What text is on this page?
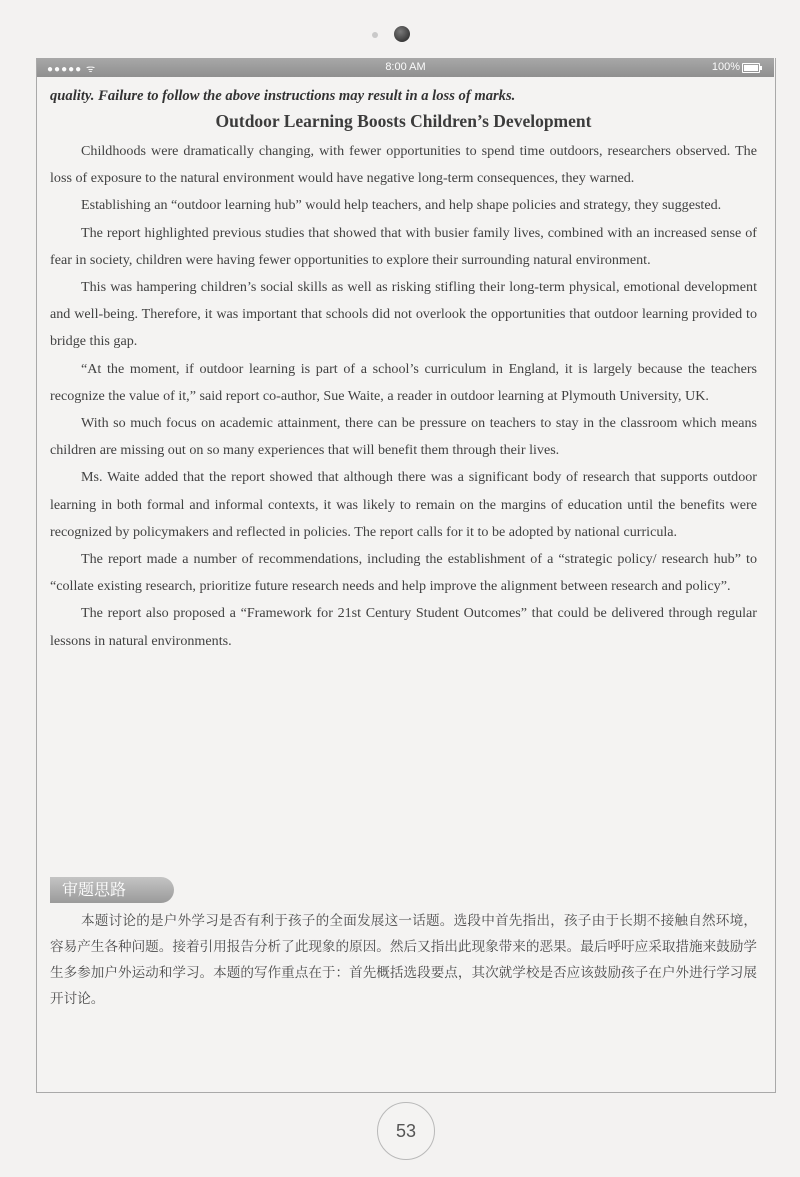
●●●●● ᯤ	8:00 AM	100%

quality. Failure to follow the above instructions may result in a loss of marks.

Outdoor Learning Boosts Children’s Development

Childhoods were dramatically changing, with fewer opportunities to spend time outdoors, researchers observed. The loss of exposure to the natural environment would have negative long-term consequences, they warned.

Establishing an “outdoor learning hub” would help teachers, and help shape policies and strategy, they suggested.

The report highlighted previous studies that showed that with busier family lives, combined with an increased sense of fear in society, children were having fewer opportunities to explore their surrounding natural environment.

This was hampering children’s social skills as well as risking stifling their long-term physical, emotional development and well-being. Therefore, it was important that schools did not overlook the opportunities that outdoor learning provided to bridge this gap.

“At the moment, if outdoor learning is part of a school’s curriculum in England, it is largely because the teachers recognize the value of it,” said report co-author, Sue Waite, a reader in outdoor learning at Plymouth University, UK.

With so much focus on academic attainment, there can be pressure on teachers to stay in the classroom which means children are missing out on so many experiences that will benefit them through their lives.

Ms. Waite added that the report showed that although there was a significant body of research that supports outdoor learning in both formal and informal contexts, it was likely to remain on the margins of education until the benefits were recognized by policymakers and reflected in policies. The report calls for it to be adopted by national curricula.

The report made a number of recommendations, including the establishment of a “strategic policy/ research hub” to “collate existing research, prioritize future research needs and help improve the alignment between research and policy”.

The report also proposed a “Framework for 21st Century Student Outcomes” that could be delivered through regular lessons in natural environments.

审题思路

本题讨论的是户外学习是否有利于孩子的全面发展这一话题。选段中首先指出，孩子由于长期不接触自然环境，容易产生各种问题。接着引用报告分析了此现象的原因。然后又指出此现象带来的恶果。最后呼吁应采取措施来鼓励学生多参加户外运动和学习。本题的写作重点在于：首先概括选段要点，其次就学校是否应该鼓励孩子在户外进行学习展开讨论。

53
